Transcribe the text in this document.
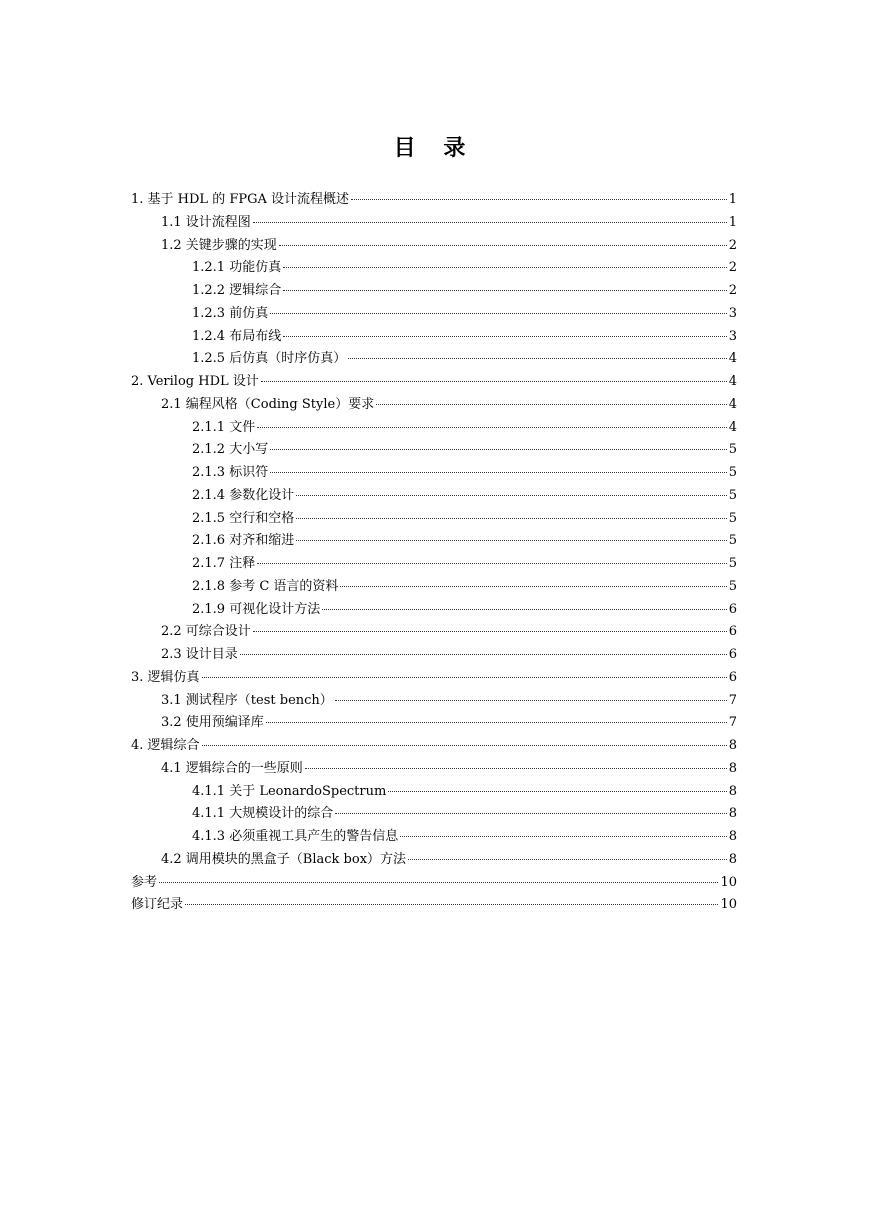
目 录
1. 基于 HDL 的 FPGA 设计流程概述	1
1.1 设计流程图	1
1.2 关键步骤的实现	2
1.2.1 功能仿真	2
1.2.2 逻辑综合	2
1.2.3 前仿真	3
1.2.4 布局布线	3
1.2.5 后仿真（时序仿真）	4
2. Verilog HDL 设计	4
2.1 编程风格（Coding Style）要求	4
2.1.1 文件	4
2.1.2 大小写	5
2.1.3 标识符	5
2.1.4 参数化设计	5
2.1.5 空行和空格	5
2.1.6 对齐和缩进	5
2.1.7 注释	5
2.1.8 参考 C 语言的资料	5
2.1.9 可视化设计方法	6
2.2 可综合设计	6
2.3 设计目录	6
3. 逻辑仿真	6
3.1 测试程序（test bench）	7
3.2 使用预编译库	7
4. 逻辑综合	8
4.1 逻辑综合的一些原则	8
4.1.1 关于 LeonardoSpectrum	8
4.1.1 大规模设计的综合	8
4.1.3 必须重视工具产生的警告信息	8
4.2 调用模块的黑盒子（Black box）方法	8
参考	10
修订纪录	10
